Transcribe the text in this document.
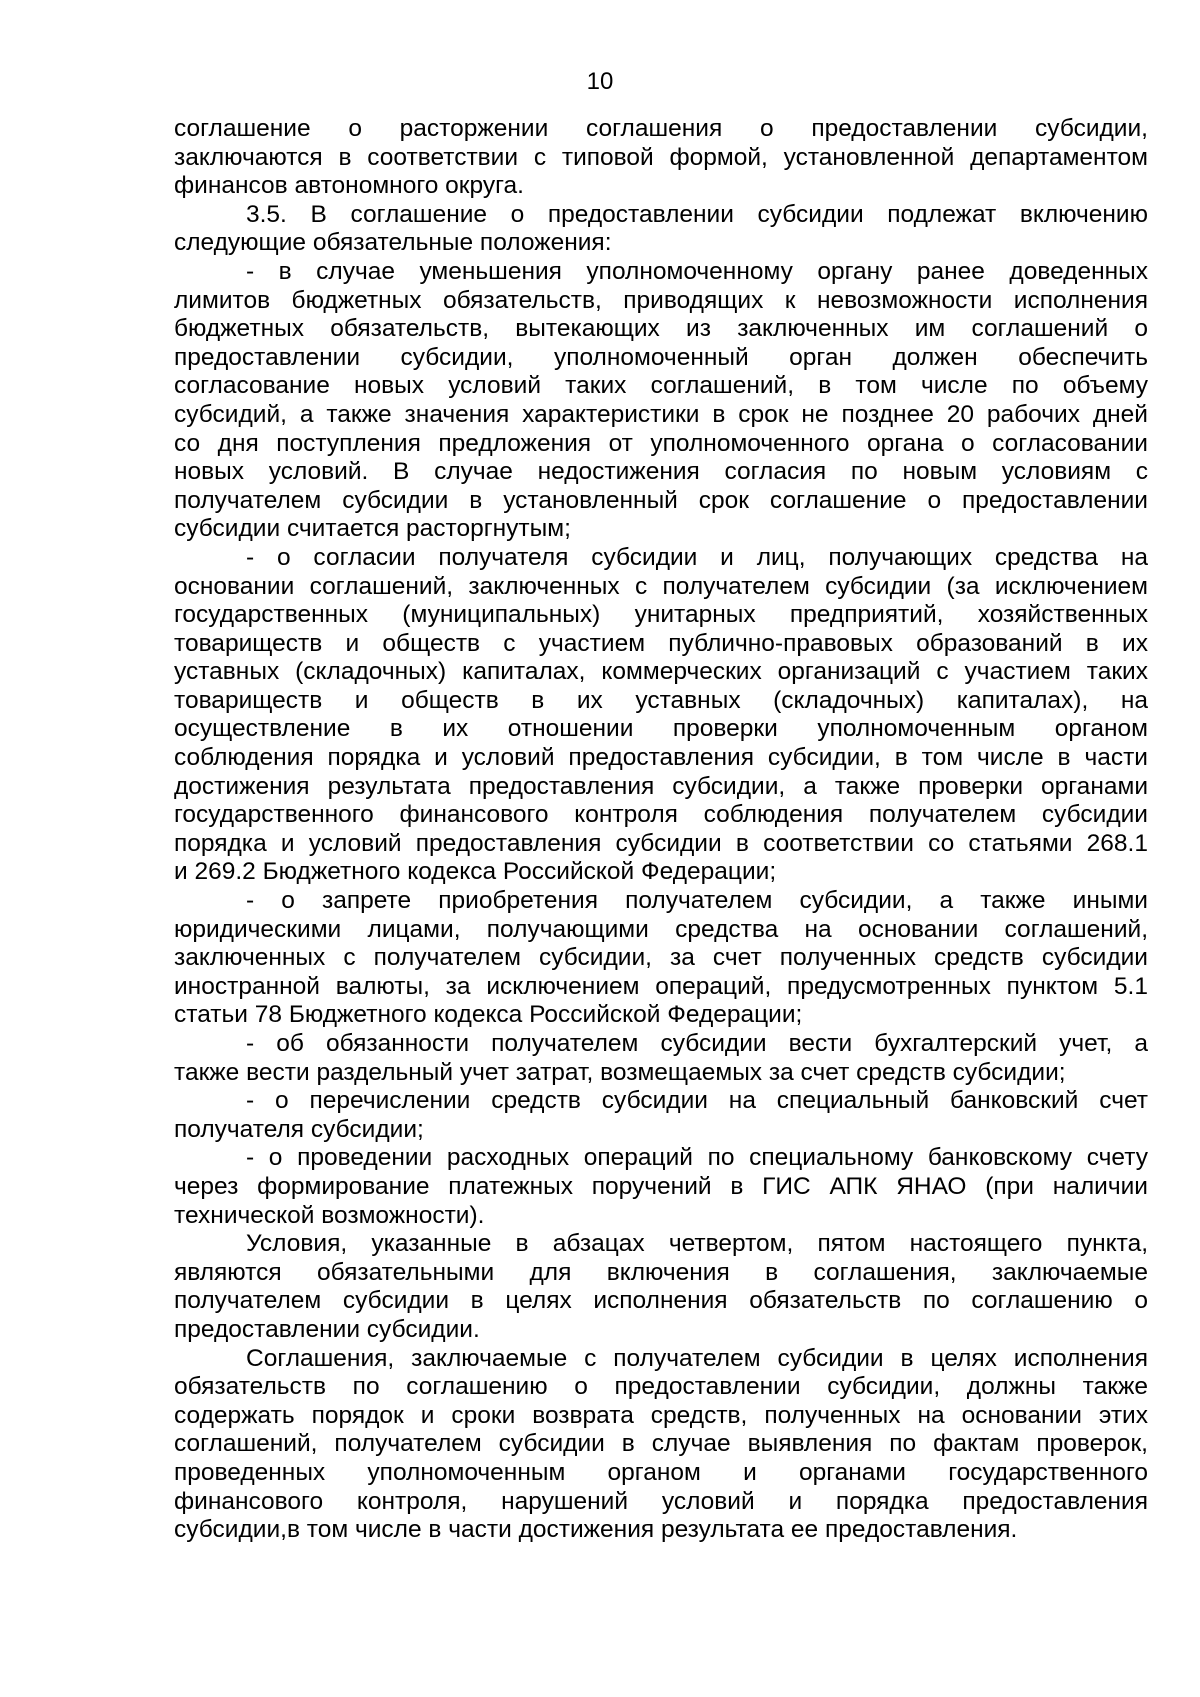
10
соглашение о расторжении соглашения о предоставлении субсидии,
заключаются в соответствии с типовой формой, установленной департаментом
финансов автономного округа.
3.5. В соглашение о предоставлении субсидии подлежат включению
следующие обязательные положения:
- в случае уменьшения уполномоченному органу ранее доведенных
лимитов бюджетных обязательств, приводящих к невозможности исполнения
бюджетных обязательств, вытекающих из заключенных им соглашений о
предоставлении субсидии, уполномоченный орган должен обеспечить
согласование новых условий таких соглашений, в том числе по объему
субсидий, а также значения характеристики в срок не позднее 20 рабочих дней
со дня поступления предложения от уполномоченного органа о согласовании
новых условий. В случае недостижения согласия по новым условиям с
получателем субсидии в установленный срок соглашение о предоставлении
субсидии считается расторгнутым;
- о согласии получателя субсидии и лиц, получающих средства на
основании соглашений, заключенных с получателем субсидии (за исключением
государственных (муниципальных) унитарных предприятий, хозяйственных
товариществ и обществ с участием публично-правовых образований в их
уставных (складочных) капиталах, коммерческих организаций с участием таких
товариществ и обществ в их уставных (складочных) капиталах), на
осуществление в их отношении проверки уполномоченным органом
соблюдения порядка и условий предоставления субсидии, в том числе в части
достижения результата предоставления субсидии, а также проверки органами
государственного финансового контроля соблюдения получателем субсидии
порядка и условий предоставления субсидии в соответствии со статьями 268.1
и 269.2 Бюджетного кодекса Российской Федерации;
- о запрете приобретения получателем субсидии, а также иными
юридическими лицами, получающими средства на основании соглашений,
заключенных с получателем субсидии, за счет полученных средств субсидии
иностранной валюты, за исключением операций, предусмотренных пунктом 5.1
статьи 78 Бюджетного кодекса Российской Федерации;
- об обязанности получателем субсидии вести бухгалтерский учет, а
также вести раздельный учет затрат, возмещаемых за счет средств субсидии;
- о перечислении средств субсидии на специальный банковский счет
получателя субсидии;
- о проведении расходных операций по специальному банковскому счету
через формирование платежных поручений в ГИС АПК ЯНАО (при наличии
технической возможности).
Условия, указанные в абзацах четвертом, пятом настоящего пункта,
являются обязательными для включения в соглашения, заключаемые
получателем субсидии в целях исполнения обязательств по соглашению о
предоставлении субсидии.
Соглашения, заключаемые с получателем субсидии в целях исполнения
обязательств по соглашению о предоставлении субсидии, должны также
содержать порядок и сроки возврата средств, полученных на основании этих
соглашений, получателем субсидии в случае выявления по фактам проверок,
проведенных уполномоченным органом и органами государственного
финансового контроля, нарушений условий и порядка предоставления
субсидии,в том числе в части достижения результата ее предоставления.
